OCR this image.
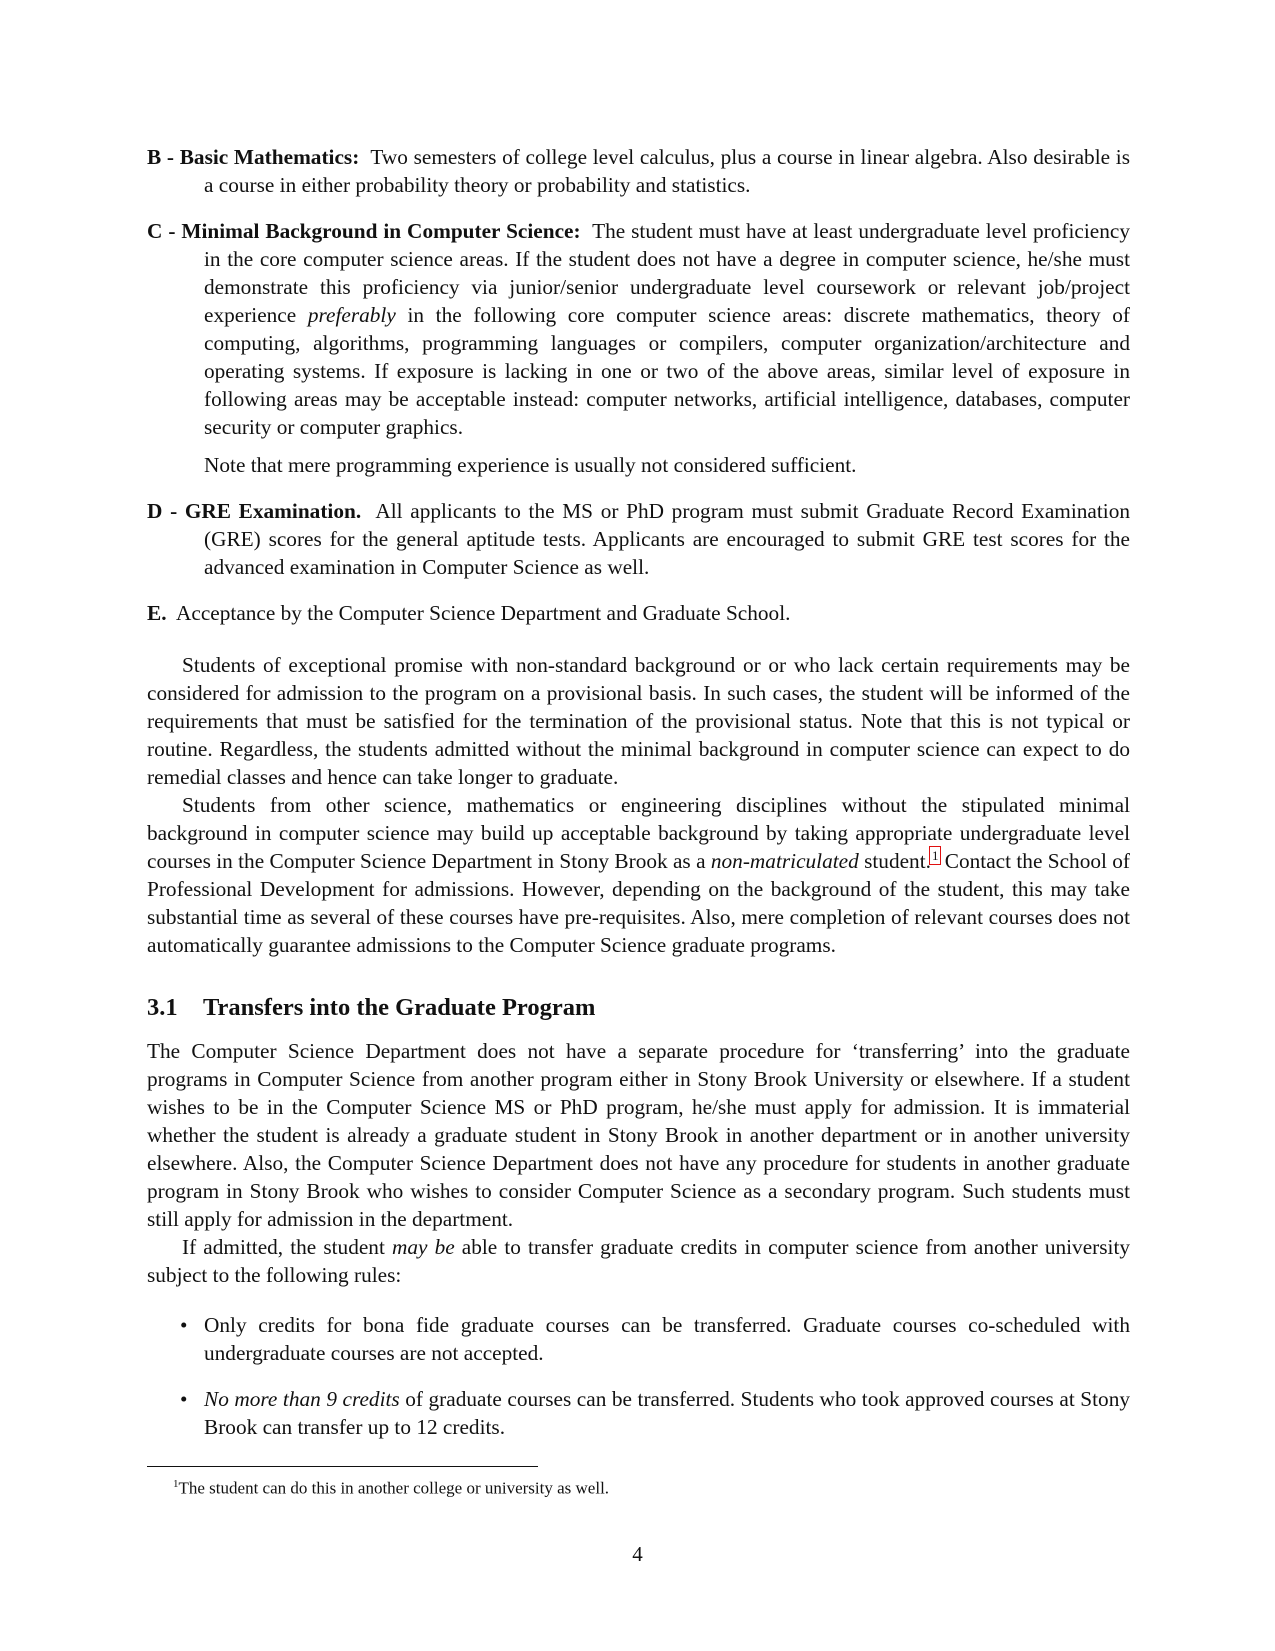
B - Basic Mathematics: Two semesters of college level calculus, plus a course in linear algebra. Also desirable is a course in either probability theory or probability and statistics.

C - Minimal Background in Computer Science: The student must have at least undergraduate level proficiency in the core computer science areas. If the student does not have a degree in computer science, he/she must demonstrate this proficiency via junior/senior undergraduate level coursework or relevant job/project experience preferably in the following core computer science areas: discrete mathematics, theory of computing, algorithms, programming languages or compilers, computer organization/architecture and operating systems. If exposure is lacking in one or two of the above areas, similar level of exposure in following areas may be acceptable instead: computer networks, artificial intelligence, databases, computer security or computer graphics.

Note that mere programming experience is usually not considered sufficient.

D - GRE Examination. All applicants to the MS or PhD program must submit Graduate Record Examination (GRE) scores for the general aptitude tests. Applicants are encouraged to submit GRE test scores for the advanced examination in Computer Science as well.

E. Acceptance by the Computer Science Department and Graduate School.

Students of exceptional promise with non-standard background or or who lack certain requirements may be considered for admission to the program on a provisional basis. In such cases, the student will be informed of the requirements that must be satisfied for the termination of the provisional status. Note that this is not typical or routine. Regardless, the students admitted without the minimal background in computer science can expect to do remedial classes and hence can take longer to graduate.

Students from other science, mathematics or engineering disciplines without the stipulated minimal background in computer science may build up acceptable background by taking appropriate undergraduate level courses in the Computer Science Department in Stony Brook as a non-matriculated student.$^1$ Contact the School of Professional Development for admissions. However, depending on the background of the student, this may take substantial time as several of these courses have pre-requisites. Also, mere completion of relevant courses does not automatically guarantee admissions to the Computer Science graduate programs.

3.1 Transfers into the Graduate Program

The Computer Science Department does not have a separate procedure for ‘transferring’ into the graduate programs in Computer Science from another program either in Stony Brook University or elsewhere. If a student wishes to be in the Computer Science MS or PhD program, he/she must apply for admission. It is immaterial whether the student is already a graduate student in Stony Brook in another department or in another university elsewhere. Also, the Computer Science Department does not have any procedure for students in another graduate program in Stony Brook who wishes to consider Computer Science as a secondary program. Such students must still apply for admission in the department.

If admitted, the student may be able to transfer graduate credits in computer science from another university subject to the following rules:

• Only credits for bona fide graduate courses can be transferred. Graduate courses co-scheduled with undergraduate courses are not accepted.
• No more than 9 credits of graduate courses can be transferred. Students who took approved courses at Stony Brook can transfer up to 12 credits.
$^1$The student can do this in another college or university as well.
4
